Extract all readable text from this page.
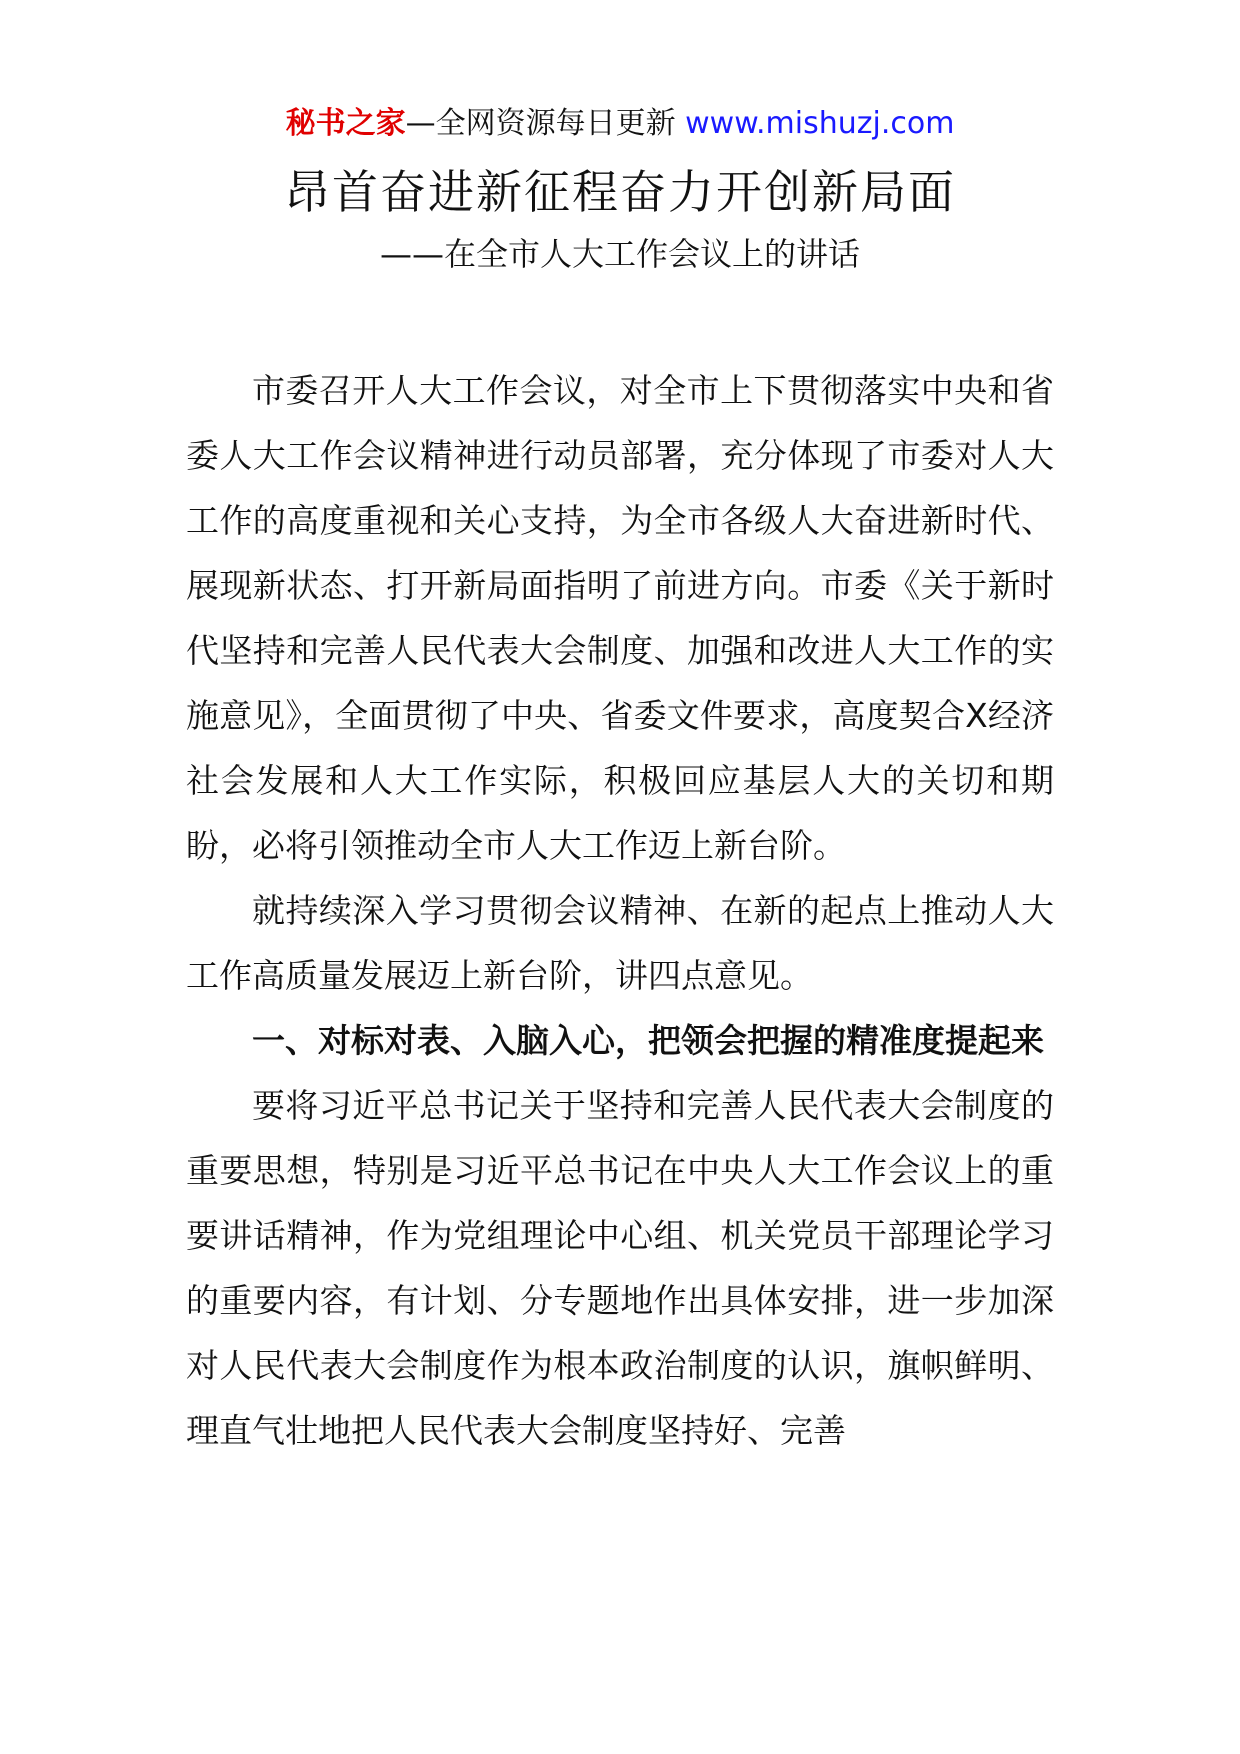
秘书之家—全网资源每日更新 www.mishuzj.com
昂首奋进新征程奋力开创新局面
——在全市人大工作会议上的讲话

市委召开人大工作会议，对全市上下贯彻落实中央和省委人大工作会议精神进行动员部署，充分体现了市委对人大工作的高度重视和关心支持，为全市各级人大奋进新时代、展现新状态、打开新局面指明了前进方向。市委《关于新时代坚持和完善人民代表大会制度、加强和改进人大工作的实施意见》，全面贯彻了中央、省委文件要求，高度契合X经济社会发展和人大工作实际，积极回应基层人大的关切和期盼，必将引领推动全市人大工作迈上新台阶。

就持续深入学习贯彻会议精神、在新的起点上推动人大工作高质量发展迈上新台阶，讲四点意见。

一、对标对表、入脑入心，把领会把握的精准度提起来

要将习近平总书记关于坚持和完善人民代表大会制度的重要思想，特别是习近平总书记在中央人大工作会议上的重要讲话精神，作为党组理论中心组、机关党员干部理论学习的重要内容，有计划、分专题地作出具体安排，进一步加深对人民代表大会制度作为根本政治制度的认识，旗帜鲜明、理直气壮地把人民代表大会制度坚持好、完善
